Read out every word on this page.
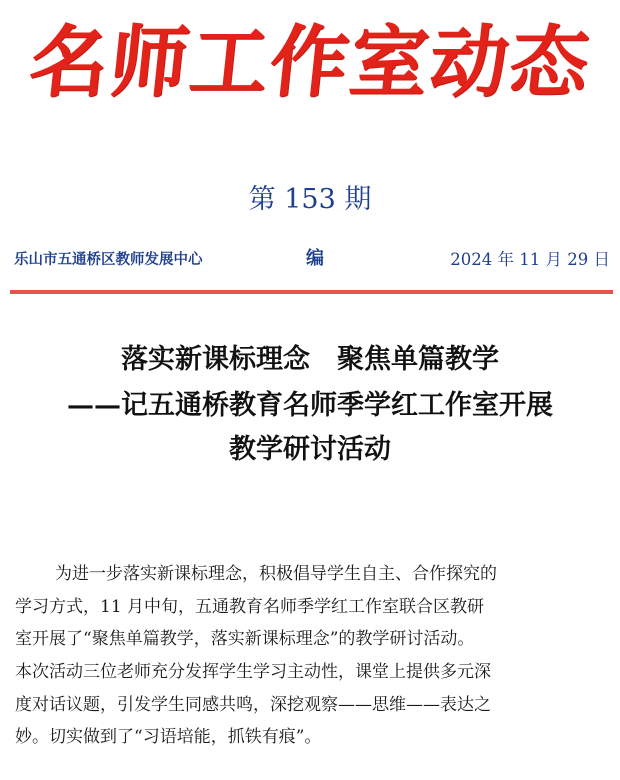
名师工作室动态
第 153 期
乐山市五通桥区教师发展中心	编	2024 年 11 月 29 日
落实新课标理念　聚焦单篇教学
——记五通桥教育名师季学红工作室开展
教学研讨活动
为进一步落实新课标理念，积极倡导学生自主、合作探究的
学习方式，11 月中旬，五通教育名师季学红工作室联合区教研
室开展了“聚焦单篇教学，落实新课标理念”的教学研讨活动。
本次活动三位老师充分发挥学生学习主动性，课堂上提供多元深
度对话议题，引发学生同感共鸣，深挖观察——思维——表达之
妙。切实做到了“习语培能，抓铁有痕”。
